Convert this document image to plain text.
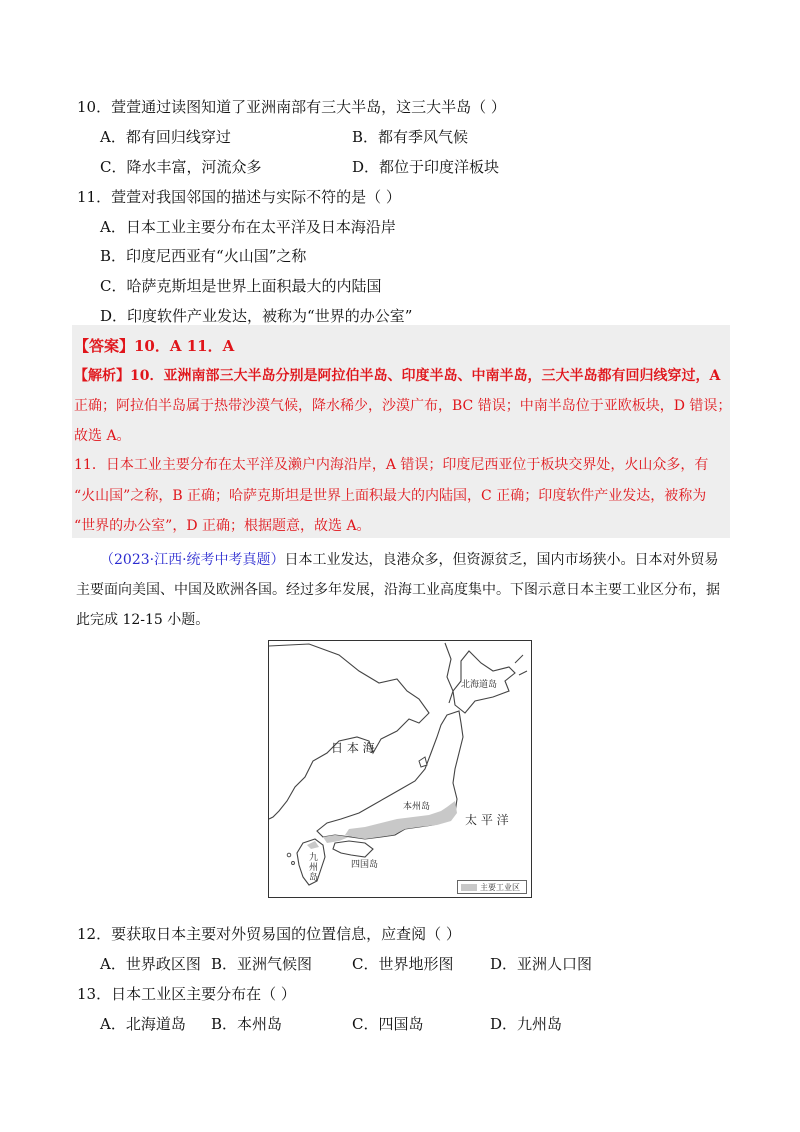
10．萱萱通过读图知道了亚洲南部有三大半岛，这三大半岛（ ）
A．都有回归线穿过	B．都有季风气候
C．降水丰富，河流众多	D．都位于印度洋板块
11．萱萱对我国邻国的描述与实际不符的是（ ）
A．日本工业主要分布在太平洋及日本海沿岸
B．印度尼西亚有“火山国”之称
C．哈萨克斯坦是世界上面积最大的内陆国
D．印度软件产业发达，被称为“世界的办公室”
【答案】10．A 11．A
【解析】10．亚洲南部三大半岛分别是阿拉伯半岛、印度半岛、中南半岛，三大半岛都有回归线穿过，A
正确；阿拉伯半岛属于热带沙漠气候，降水稀少，沙漠广布，BC 错误；中南半岛位于亚欧板块，D 错误；
故选 A。
11．日本工业主要分布在太平洋及濑户内海沿岸，A 错误；印度尼西亚位于板块交界处，火山众多，有
“火山国”之称，B 正确；哈萨克斯坦是世界上面积最大的内陆国，C 正确；印度软件产业发达，被称为
“世界的办公室”，D 正确；根据题意，故选 A。
（2023·江西·统考中考真题）日本工业发达，良港众多，但资源贫乏，国内市场狭小。日本对外贸易
主要面向美国、中国及欧洲各国。经过多年发展，沿海工业高度集中。下图示意日本主要工业区分布，据
此完成 12-15 小题。
日 本 海
太 平 洋
北海道岛
本州岛
四国岛
九州岛
主要工业区
12．要获取日本主要对外贸易国的位置信息，应查阅（ ）
A．世界政区图 B．亚洲气候图	C．世界地形图 D．亚洲人口图
13．日本工业区主要分布在（ ）
A．北海道岛 B．本州岛	C．四国岛	D．九州岛
